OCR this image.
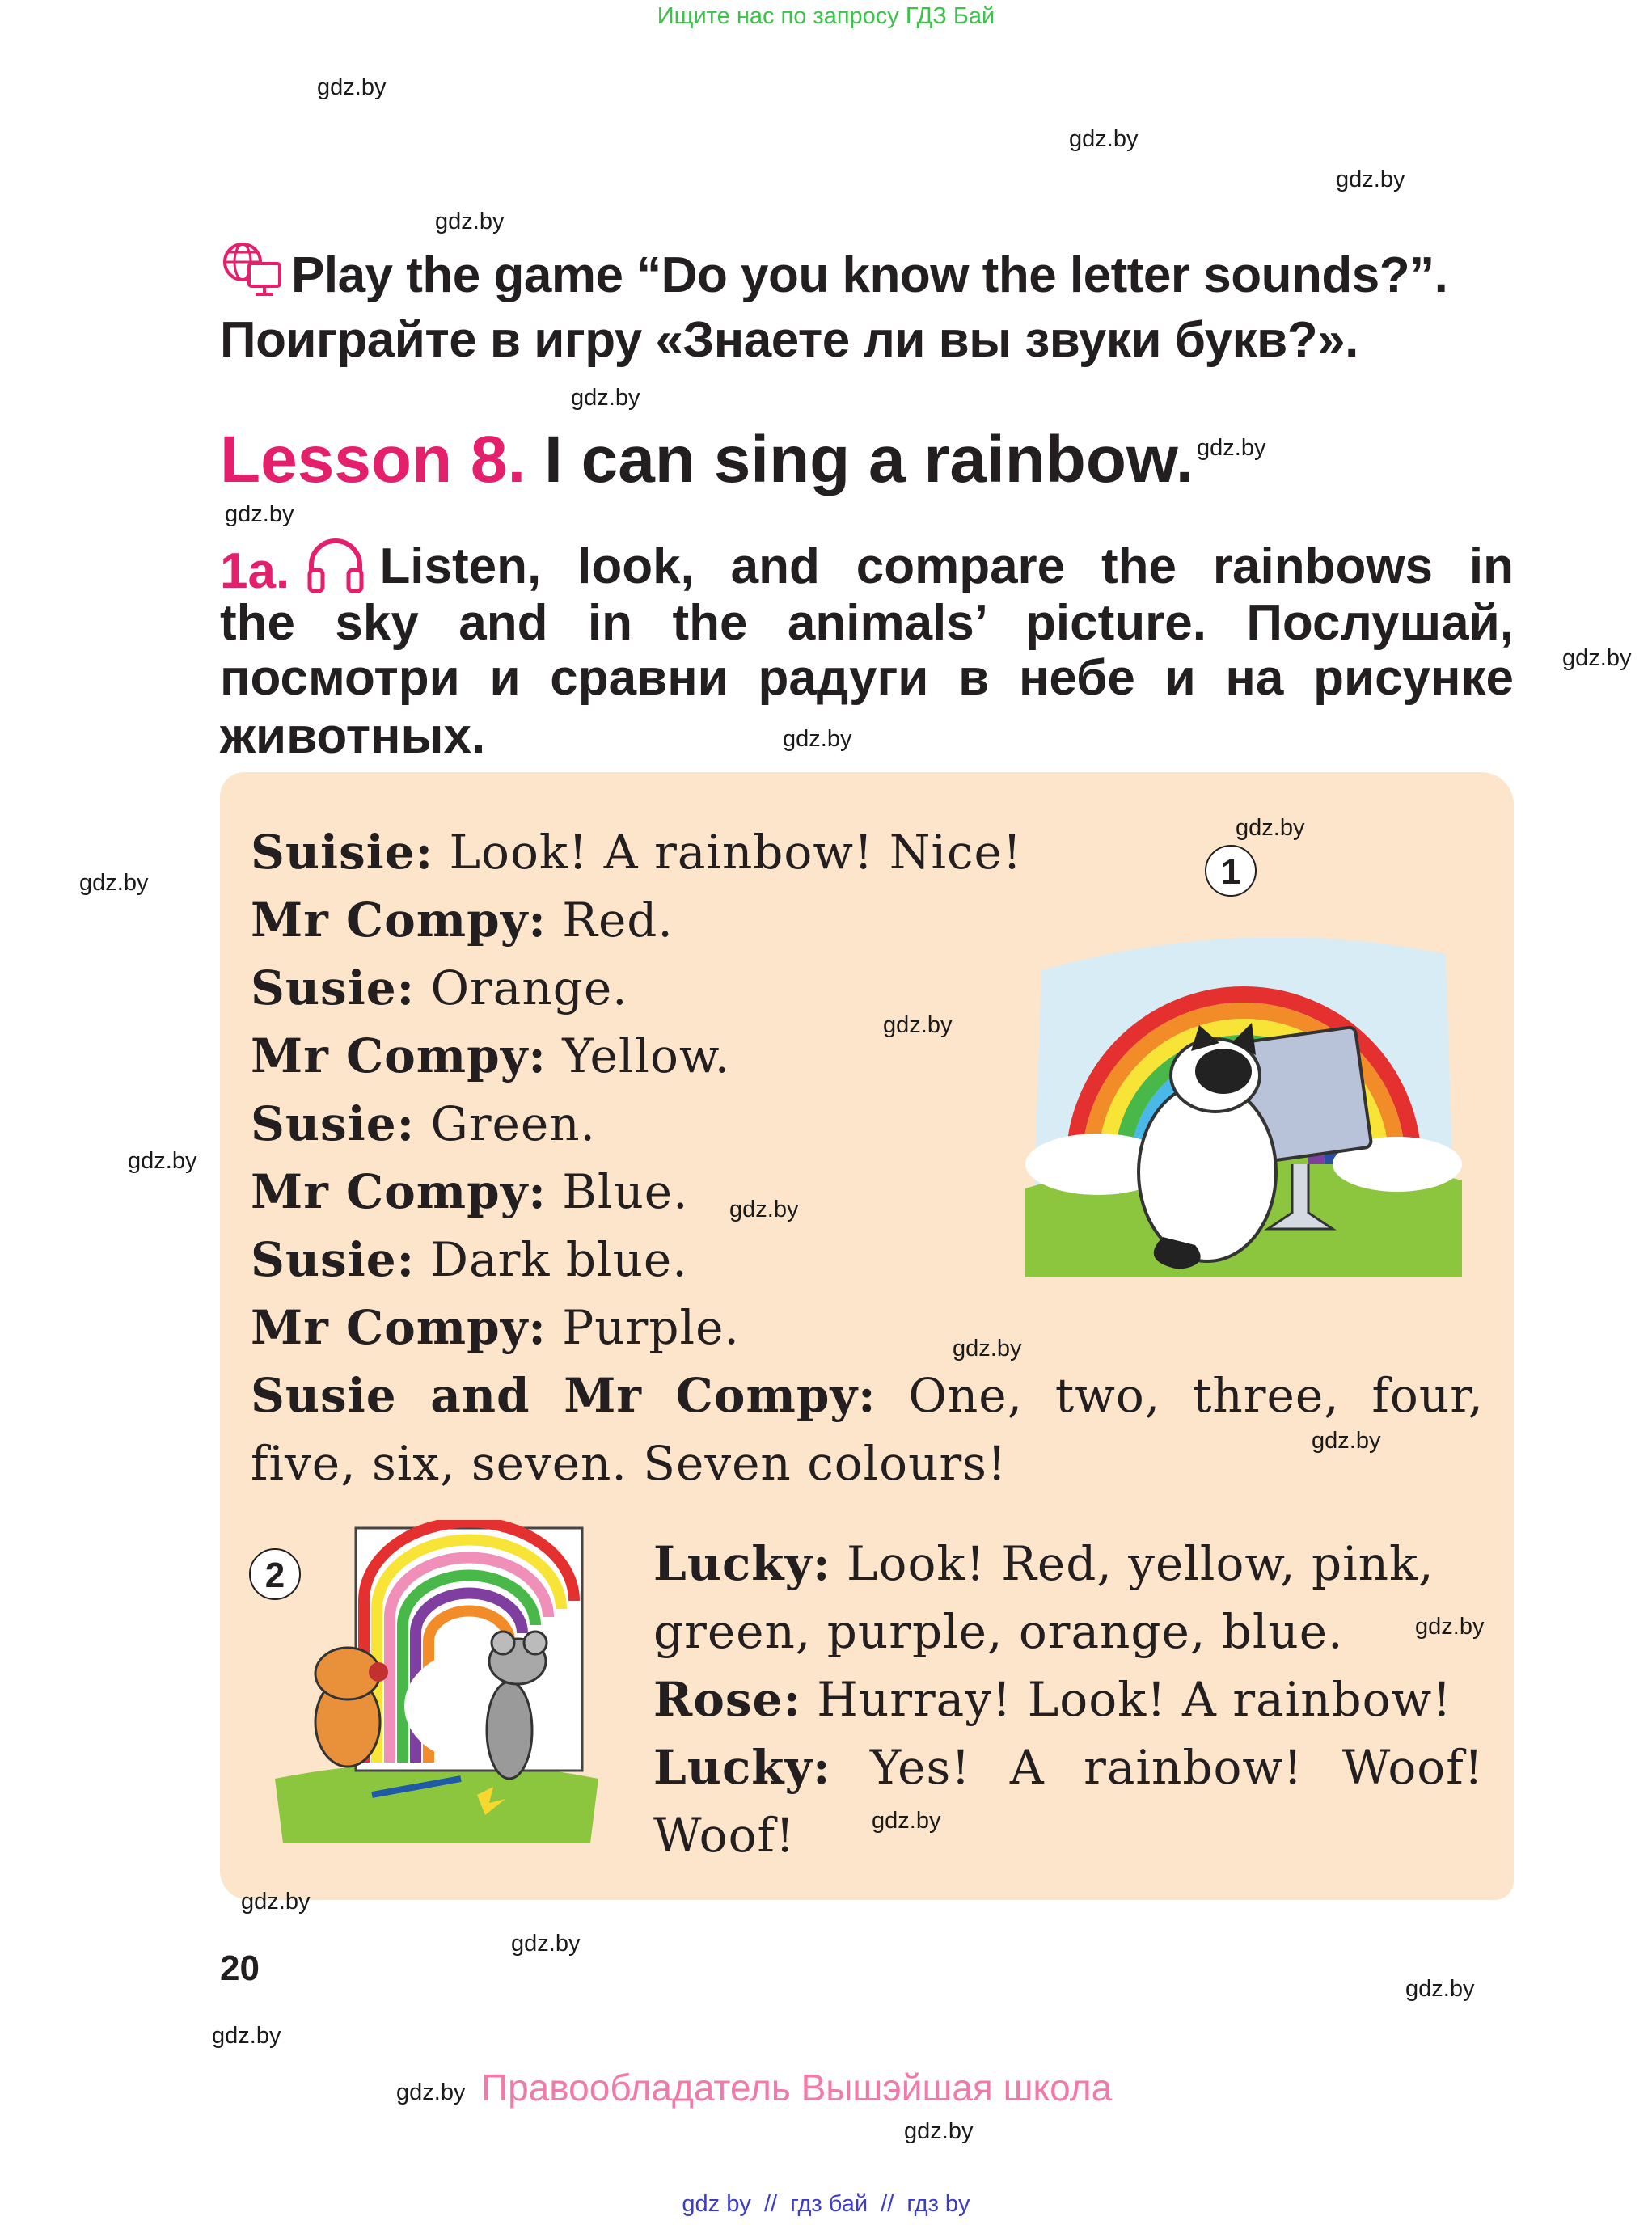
Ищите нас по запросу ГДЗ Бай
gdz.by
gdz.by
gdz.by
gdz.by
gdz.by
gdz.by
gdz.by
gdz.by
gdz.by
Play the game “Do you know the letter sounds?”.
Поиграйте в игру «Знаете ли вы звуки букв?».
Lesson 8. I can sing a rainbow.
1a.	Listen, look, and compare the rainbows in
the sky and in the animals’ picture. Послушай,
посмотри и сравни радуги в небе и на рисунке
животных.
1
Suisie: Look! A rainbow! Nice!
Mr Compy: Red.
Susie: Orange.
Mr Compy: Yellow.
Susie: Green.
Mr Compy: Blue.
Susie: Dark blue.
Mr Compy: Purple.
Susie and Mr Compy: One, two, three, four,
five, six, seven. Seven colours!
gdz.by
gdz.by
gdz.by
gdz.by
gdz.by
gdz.by
gdz.by
2	Lucky: Look! Red, yellow, pink,
green, purple, orange, blue.
Rose: Hurray! Look! A rainbow!
Lucky: Yes! A rainbow! Woof!
Woof!
gdz.by
gdz.by
gdz.by
gdz.by
gdz.by
gdz.by
gdz.by
gdz.by
20
Правообладатель Вышэйшая школа
gdz by  //  гдз бай  //  гдз by
